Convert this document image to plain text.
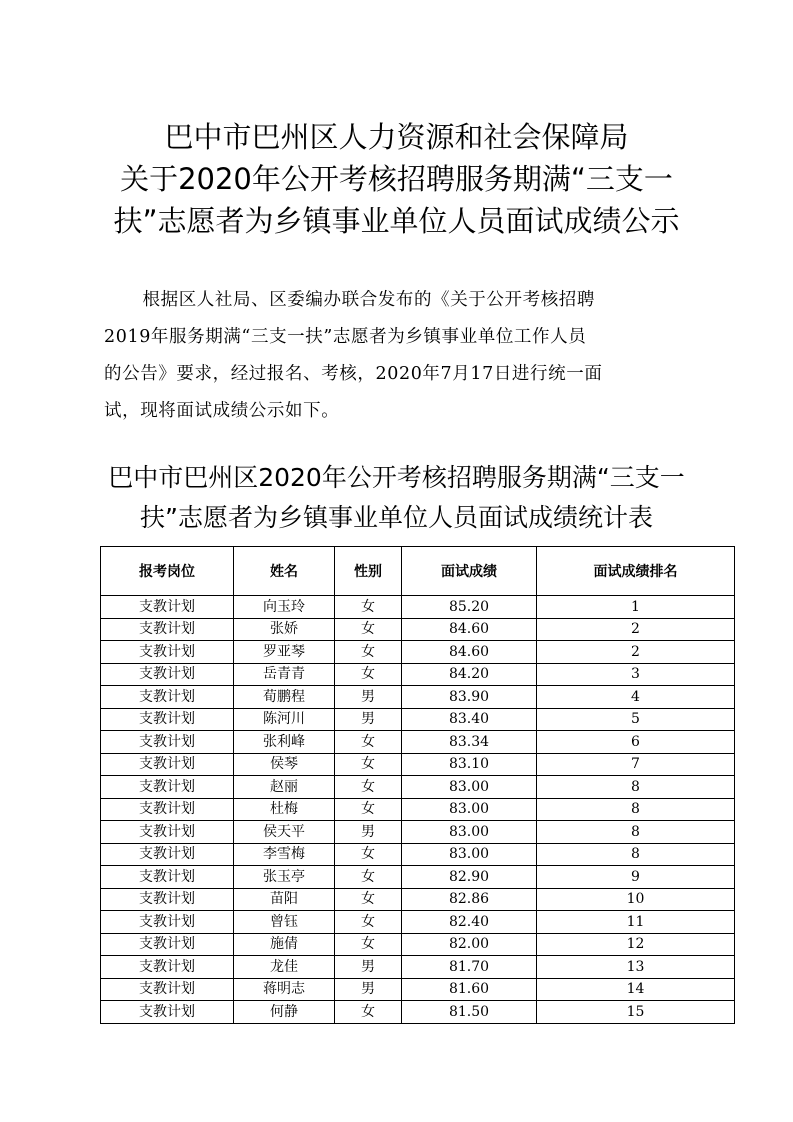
巴中市巴州区人力资源和社会保障局
关于2020年公开考核招聘服务期满“三支一
扶”志愿者为乡镇事业单位人员面试成绩公示
根据区人社局、区委编办联合发布的《关于公开考核招聘
2019年服务期满“三支一扶”志愿者为乡镇事业单位工作人员
的公告》要求，经过报名、考核，2020年7月17日进行统一面
试，现将面试成绩公示如下。
巴中市巴州区2020年公开考核招聘服务期满“三支一
扶”志愿者为乡镇事业单位人员面试成绩统计表
报考岗位	姓名	性别	面试成绩	面试成绩排名
支教计划	向玉玲	女	85.20	1
支教计划	张娇	女	84.60	2
支教计划	罗亚琴	女	84.60	2
支教计划	岳青青	女	84.20	3
支教计划	荀鹏程	男	83.90	4
支教计划	陈河川	男	83.40	5
支教计划	张利峰	女	83.34	6
支教计划	侯琴	女	83.10	7
支教计划	赵丽	女	83.00	8
支教计划	杜梅	女	83.00	8
支教计划	侯天平	男	83.00	8
支教计划	李雪梅	女	83.00	8
支教计划	张玉亭	女	82.90	9
支教计划	苗阳	女	82.86	10
支教计划	曾钰	女	82.40	11
支教计划	施倩	女	82.00	12
支教计划	龙佳	男	81.70	13
支教计划	蒋明志	男	81.60	14
支教计划	何静	女	81.50	15
